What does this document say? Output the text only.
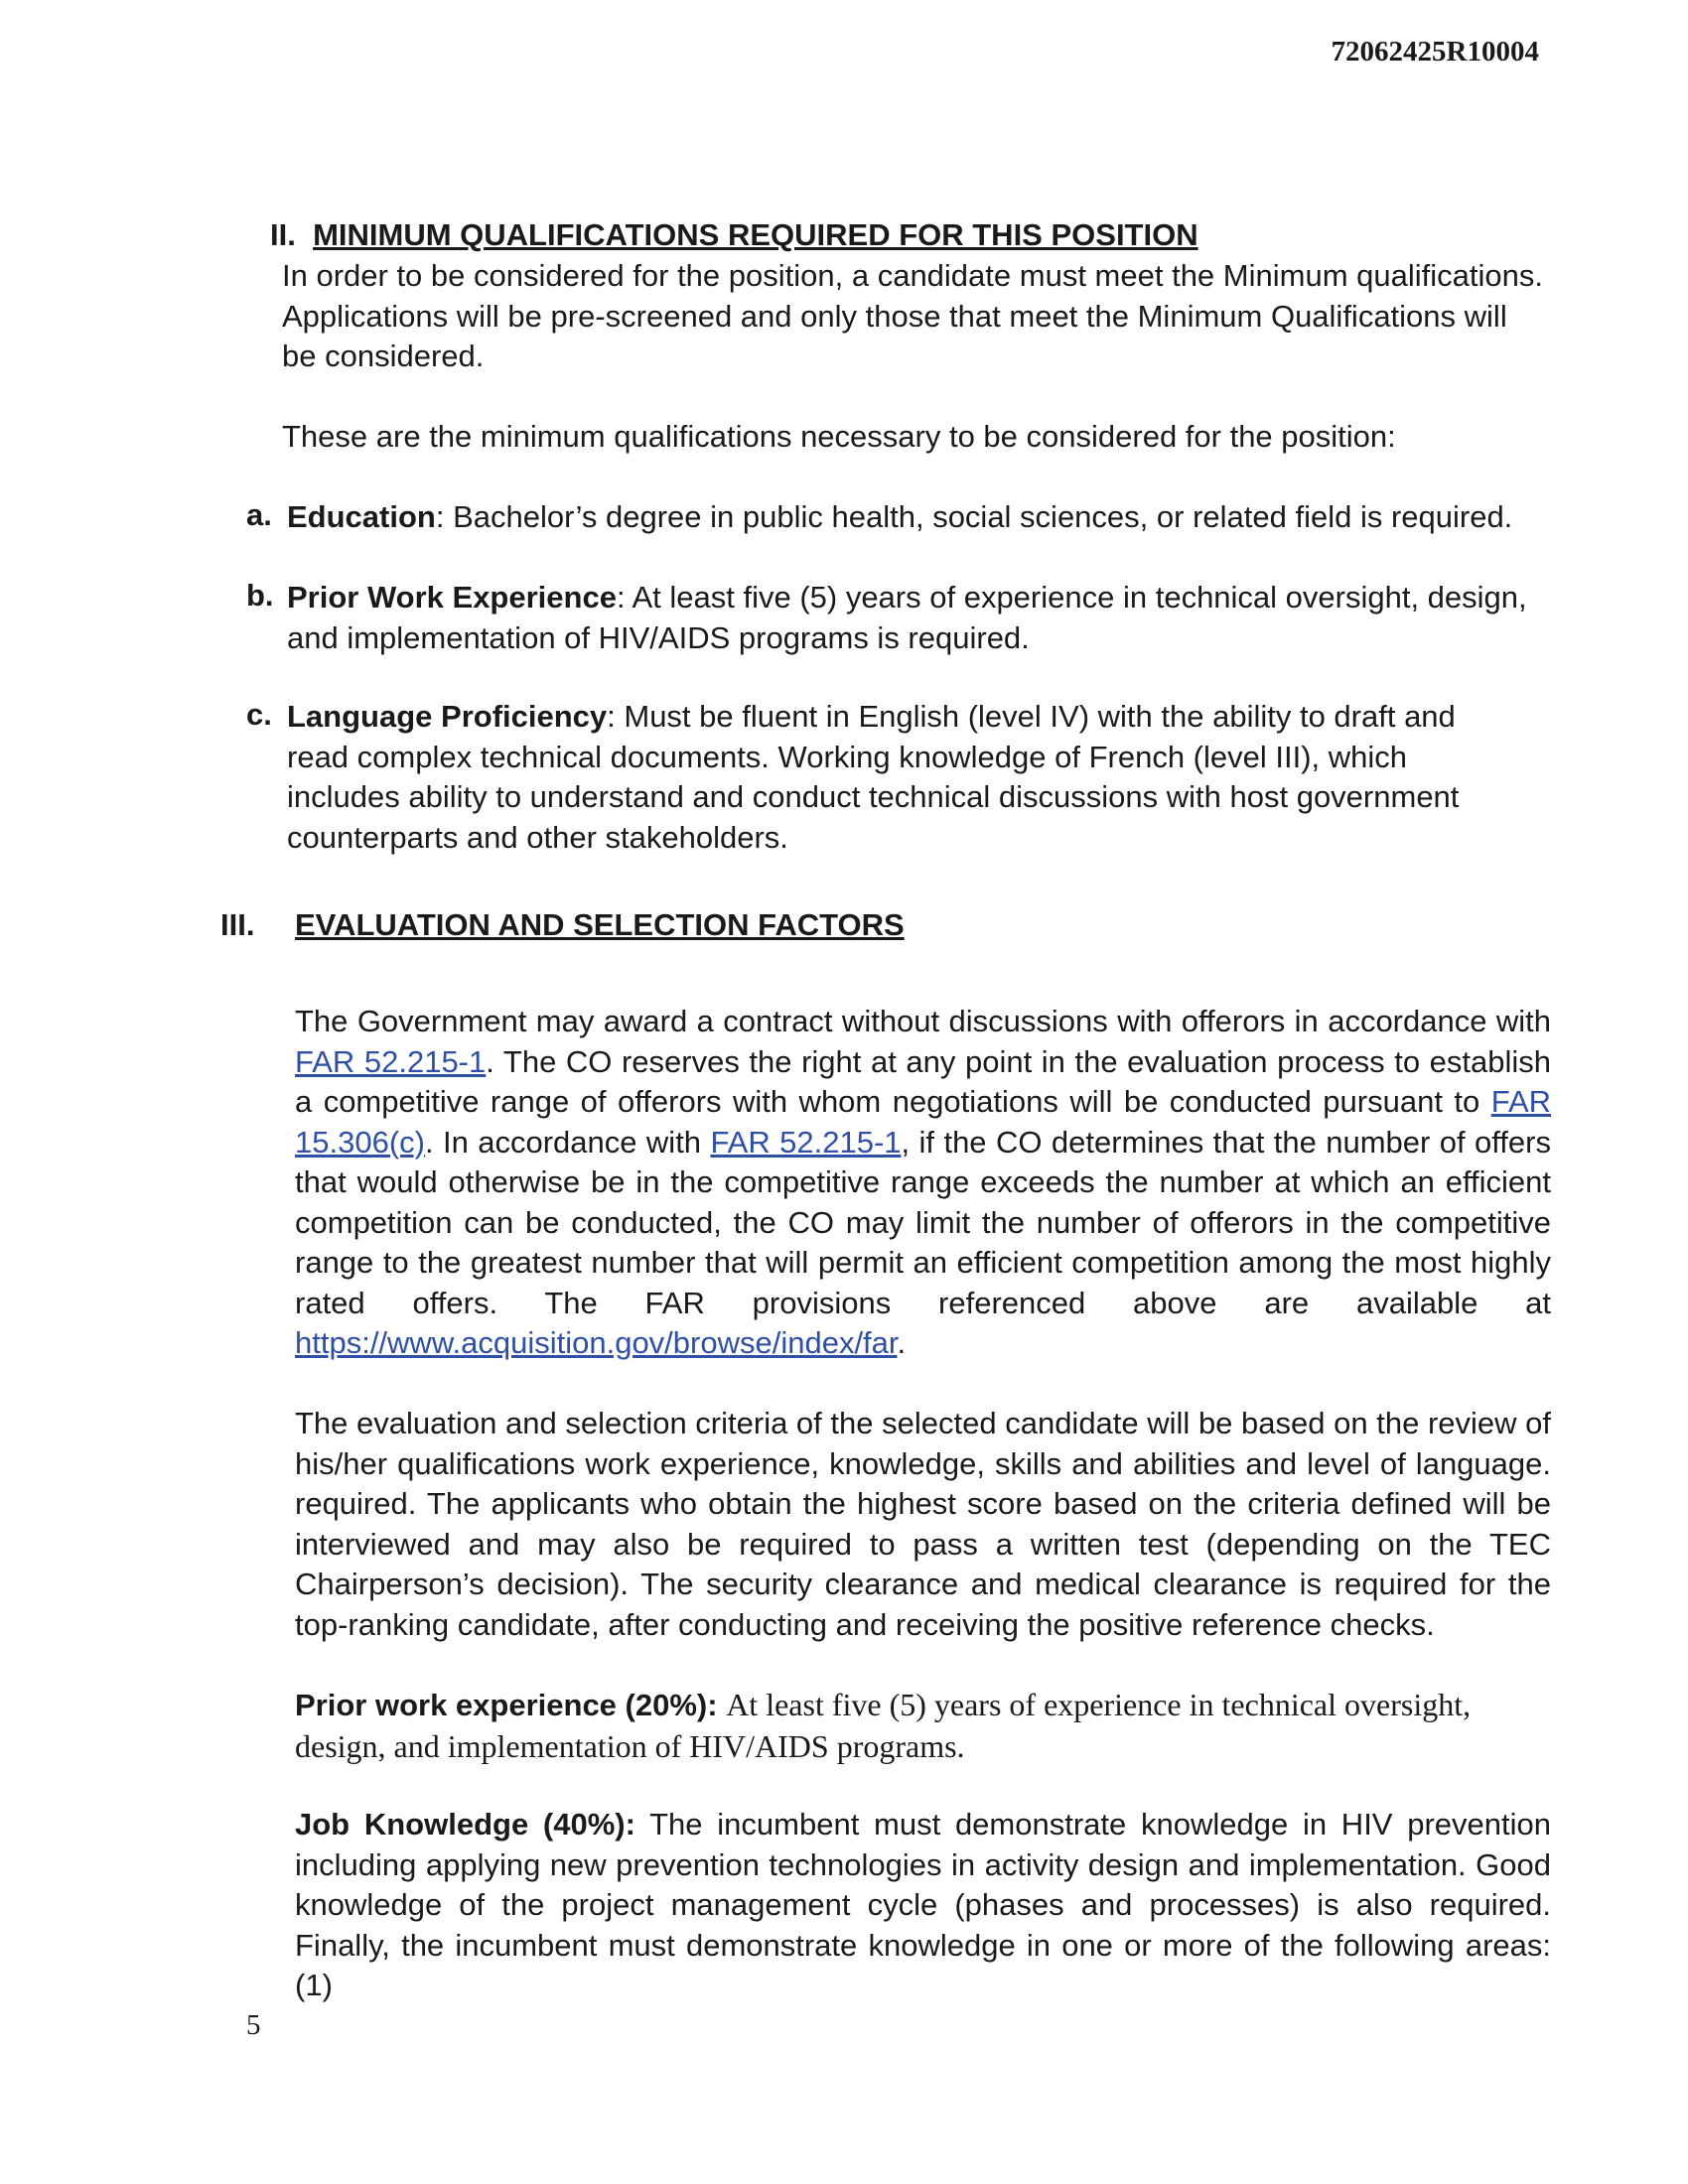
72062425R10004
II. MINIMUM QUALIFICATIONS REQUIRED FOR THIS POSITION
In order to be considered for the position, a candidate must meet the Minimum qualifications. Applications will be pre-screened and only those that meet the Minimum Qualifications will be considered.
These are the minimum qualifications necessary to be considered for the position:
a. Education: Bachelor’s degree in public health, social sciences, or related field is required.
b. Prior Work Experience: At least five (5) years of experience in technical oversight, design, and implementation of HIV/AIDS programs is required.
c. Language Proficiency: Must be fluent in English (level IV) with the ability to draft and read complex technical documents. Working knowledge of French (level III), which includes ability to understand and conduct technical discussions with host government counterparts and other stakeholders.
III. EVALUATION AND SELECTION FACTORS
The Government may award a contract without discussions with offerors in accordance with FAR 52.215-1. The CO reserves the right at any point in the evaluation process to establish a competitive range of offerors with whom negotiations will be conducted pursuant to FAR 15.306(c). In accordance with FAR 52.215-1, if the CO determines that the number of offers that would otherwise be in the competitive range exceeds the number at which an efficient competition can be conducted, the CO may limit the number of offerors in the competitive range to the greatest number that will permit an efficient competition among the most highly rated offers. The FAR provisions referenced above are available at https://www.acquisition.gov/browse/index/far.
The evaluation and selection criteria of the selected candidate will be based on the review of his/her qualifications work experience, knowledge, skills and abilities and level of language. required. The applicants who obtain the highest score based on the criteria defined will be interviewed and may also be required to pass a written test (depending on the TEC Chairperson’s decision). The security clearance and medical clearance is required for the top-ranking candidate, after conducting and receiving the positive reference checks.
Prior work experience (20%): At least five (5) years of experience in technical oversight, design, and implementation of HIV/AIDS programs.
Job Knowledge (40%): The incumbent must demonstrate knowledge in HIV prevention including applying new prevention technologies in activity design and implementation. Good knowledge of the project management cycle (phases and processes) is also required. Finally, the incumbent must demonstrate knowledge in one or more of the following areas: (1)
5
